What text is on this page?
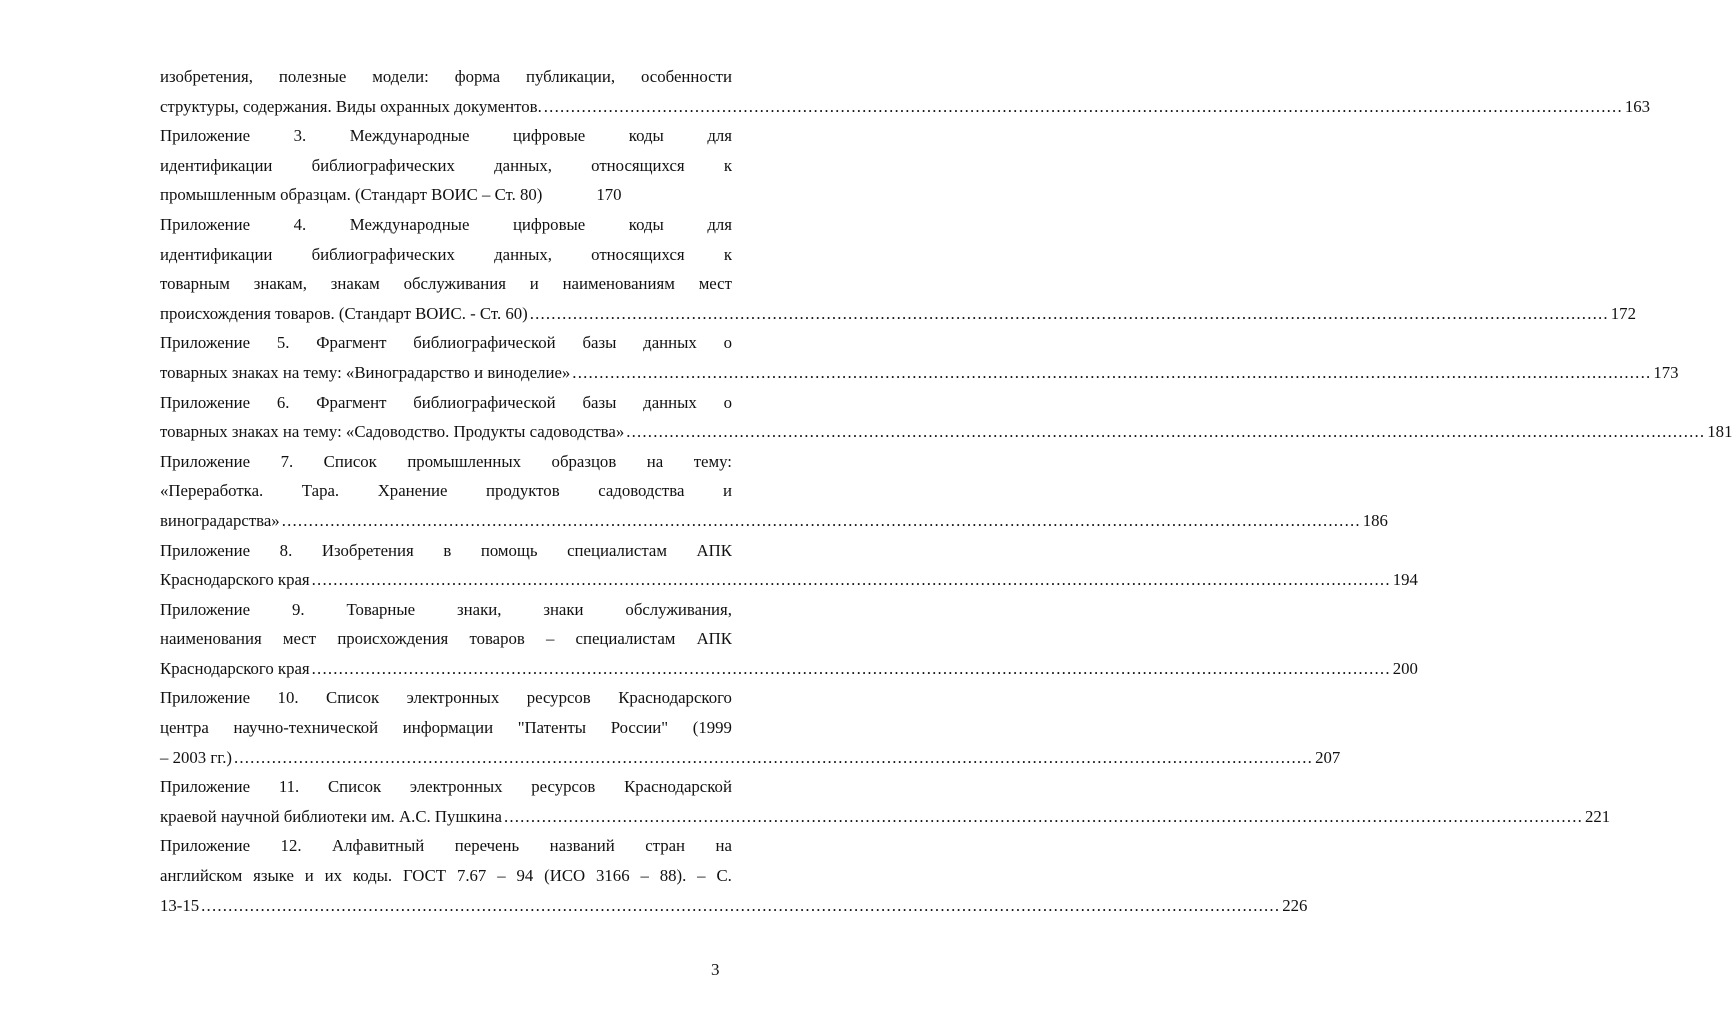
изобретения, полезные модели: форма публикации, особенности
структуры, содержания. Виды охранных документов. ........................................................................................................................................................................................................ 163
Приложение	3.	Международные	цифровые	коды	для
идентификации библиографических данных, относящихся к
промышленным образцам. (Стандарт ВОИС – Ст. 80)	170
Приложение	4.	Международные	цифровые	коды	для
идентификации библиографических данных, относящихся к
товарным знакам, знакам обслуживания и наименованиям мест
происхождения товаров. (Стандарт ВОИС. - Ст. 60) ........................................................................................................................................................................................................ 172
Приложение 5. Фрагмент библиографической базы данных о
товарных знаках на тему: «Виноградарство и виноделие» ........................................................................................................................................................................................................ 173
Приложение 6. Фрагмент библиографической базы данных о
товарных знаках на тему: «Садоводство. Продукты садоводства» ........................................................................................................................................................................................................ 181
Приложение 7. Список промышленных образцов на тему:
«Переработка. Тара. Хранение продуктов садоводства и
виноградарства» ........................................................................................................................................................................................................ 186
Приложение 8. Изобретения в помощь специалистам АПК
Краснодарского края ........................................................................................................................................................................................................ 194
Приложение 9. Товарные знаки, знаки обслуживания,
наименования мест происхождения товаров – специалистам АПК
Краснодарского края ........................................................................................................................................................................................................ 200
Приложение 10. Список электронных ресурсов Краснодарского
центра научно-технической информации "Патенты России" (1999
– 2003 гг.) ........................................................................................................................................................................................................ 207
Приложение 11. Список электронных ресурсов Краснодарской
краевой научной библиотеки им. А.С. Пушкина ........................................................................................................................................................................................................ 221
Приложение 12. Алфавитный перечень названий стран на
английском языке и их коды. ГОСТ 7.67 – 94 (ИСО 3166 – 88). – С.
13-15 ........................................................................................................................................................................................................ 226
3
